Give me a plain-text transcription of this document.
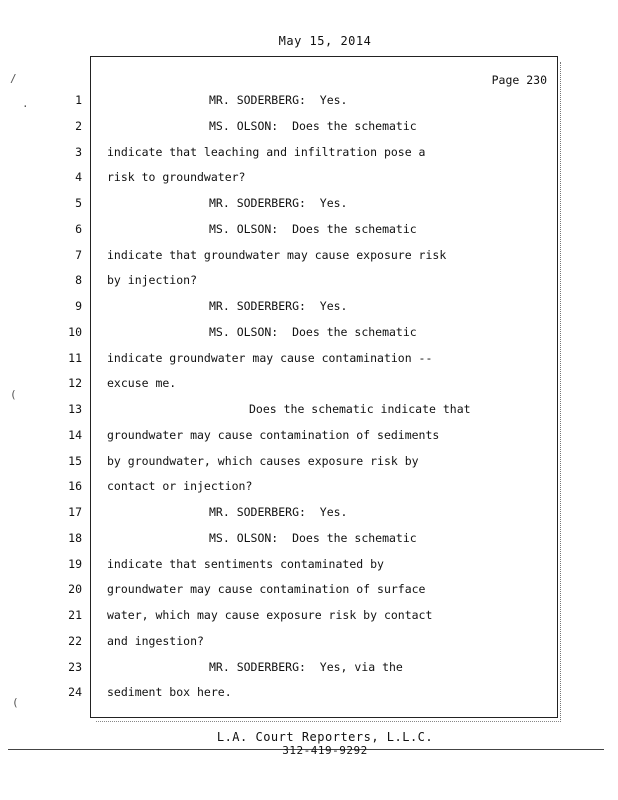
May 15, 2014
Page 230
1	MR. SODERBERG:  Yes.
2	MS. OLSON:  Does the schematic
3 indicate that leaching and infiltration pose a
4 risk to groundwater?
5	MR. SODERBERG:  Yes.
6	MS. OLSON:  Does the schematic
7 indicate that groundwater may cause exposure risk
8 by injection?
9	MR. SODERBERG:  Yes.
10	MS. OLSON:  Does the schematic
11 indicate groundwater may cause contamination --
12 excuse me.
13	Does the schematic indicate that
14 groundwater may cause contamination of sediments
15 by groundwater, which causes exposure risk by
16 contact or injection?
17	MR. SODERBERG:  Yes.
18	MS. OLSON:  Does the schematic
19 indicate that sentiments contaminated by
20 groundwater may cause contamination of surface
21 water, which may cause exposure risk by contact
22 and ingestion?
23	MR. SODERBERG:  Yes, via the
24 sediment box here.
L.A. Court Reporters, L.L.C.
312-419-9292
∕
⋅
(
(
